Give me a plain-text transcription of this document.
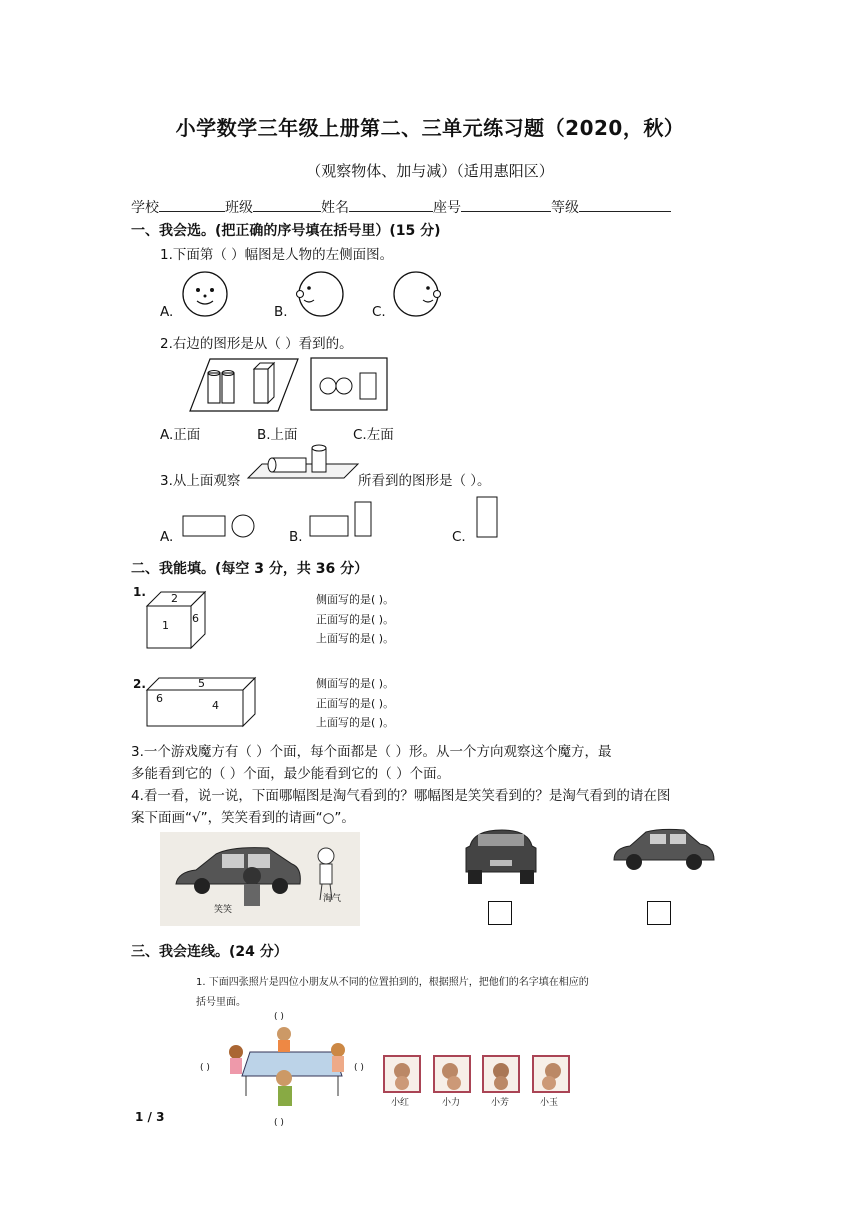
小学数学三年级上册第二、三单元练习题（2020，秋）
（观察物体、加与减）（适用惠阳区）
学校	班级	姓名	座号	等级
一、我会选。(把正确的序号填在括号里）(15 分)
1.下面第（ ）幅图是人物的左侧面图。
A.	B.	C.
2.右边的图形是从（ ）看到的。
A.正面	B.上面	C.左面
3.从上面观察	所看到的图形是（ ）。
A.	B.	C.
二、我能填。(每空 3 分，共 36 分）
1. 2
1
6
侧面写的是( )。
正面写的是( )。
上面写的是( )。
2.	5
6
4
侧面写的是( )。
正面写的是( )。
上面写的是( )。
3.一个游戏魔方有（ ）个面，每个面都是（ ）形。从一个方向观察这个魔方，最
多能看到它的（ ）个面，最少能看到它的（ ）个面。
4.看一看，说一说，下面哪幅图是淘气看到的？哪幅图是笑笑看到的？是淘气看到的请在图
案下面画“√”，笑笑看到的请画“○”。
笑笑
淘气
三、我会连线。(24 分）
1. 下面四张照片是四位小朋友从不同的位置拍到的，根据照片，把他们的名字填在相应的
括号里面。
( )
( )	( )
( )
小红	小力	小芳	小玉
1 / 3
